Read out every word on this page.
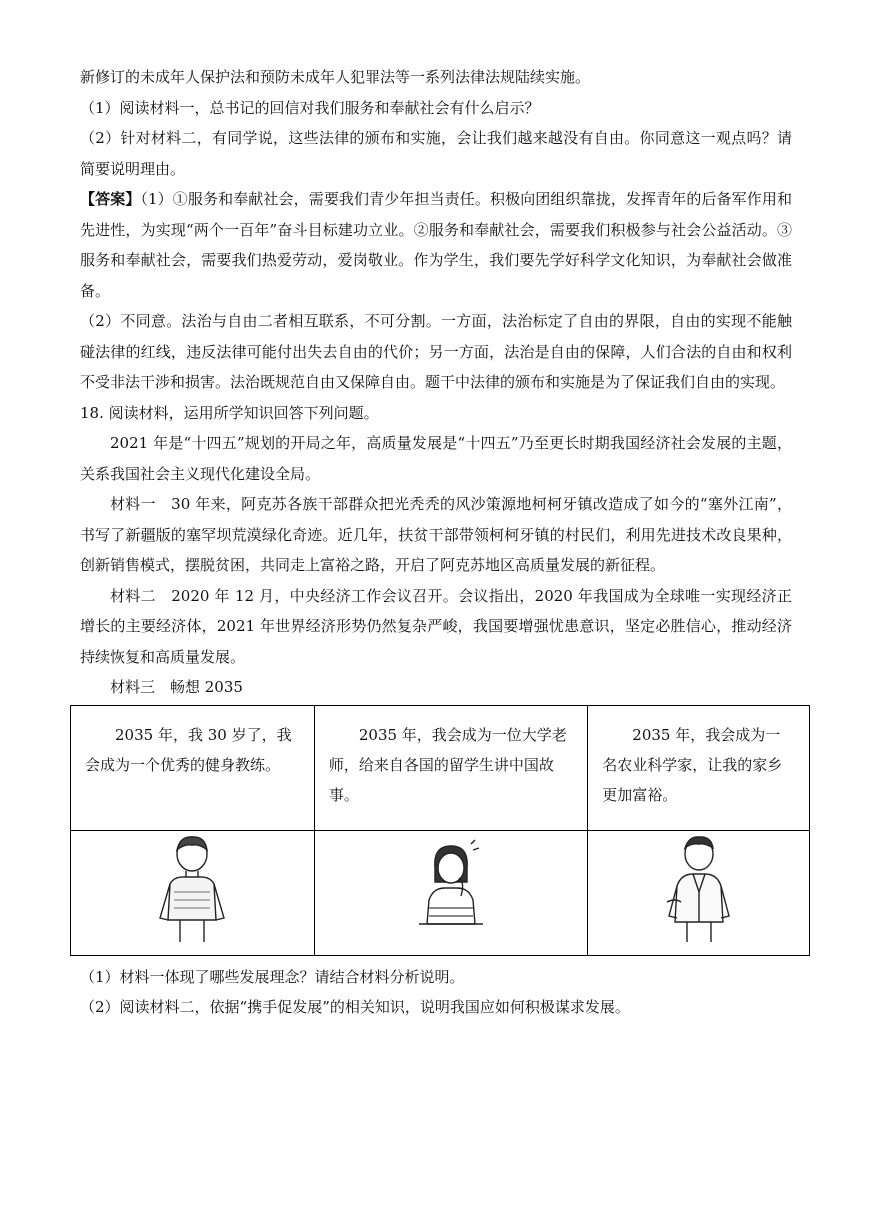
新修订的未成年人保护法和预防未成年人犯罪法等一系列法律法规陆续实施。

（1）阅读材料一，总书记的回信对我们服务和奉献社会有什么启示？

（2）针对材料二，有同学说，这些法律的颁布和实施，会让我们越来越没有自由。你同意这一观点吗？请简要说明理由。

【答案】（1）①服务和奉献社会，需要我们青少年担当责任。积极向团组织靠拢，发挥青年的后备军作用和先进性，为实现“两个一百年”奋斗目标建功立业。②服务和奉献社会，需要我们积极参与社会公益活动。③服务和奉献社会，需要我们热爱劳动，爱岗敬业。作为学生，我们要先学好科学文化知识，为奉献社会做准备。

（2）不同意。法治与自由二者相互联系，不可分割。一方面，法治标定了自由的界限，自由的实现不能触碰法律的红线，违反法律可能付出失去自由的代价；另一方面，法治是自由的保障，人们合法的自由和权利不受非法干涉和损害。法治既规范自由又保障自由。题干中法律的颁布和实施是为了保证我们自由的实现。

18. 阅读材料，运用所学知识回答下列问题。

2021 年是“十四五”规划的开局之年，高质量发展是“十四五”乃至更长时期我国经济社会发展的主题，关系我国社会主义现代化建设全局。

材料一　30 年来，阿克苏各族干部群众把光秃秃的风沙策源地柯柯牙镇改造成了如今的“塞外江南”，书写了新疆版的塞罕坝荒漠绿化奇迹。近几年，扶贫干部带领柯柯牙镇的村民们，利用先进技术改良果种，创新销售模式，摆脱贫困，共同走上富裕之路，开启了阿克苏地区高质量发展的新征程。

材料二　2020 年 12 月，中央经济工作会议召开。会议指出，2020 年我国成为全球唯一实现经济正增长的主要经济体，2021 年世界经济形势仍然复杂严峻，我国要增强忧患意识，坚定必胜信心，推动经济持续恢复和高质量发展。

材料三　畅想 2035

2035 年，我 30 岁了，我会成为一个优秀的健身教练。	2035 年，我会成为一位大学老师，给来自各国的留学生讲中国故事。	2035 年，我会成为一名农业科学家，让我的家乡更加富裕。

（1）材料一体现了哪些发展理念？请结合材料分析说明。

（2）阅读材料二，依据“携手促发展”的相关知识，说明我国应如何积极谋求发展。
